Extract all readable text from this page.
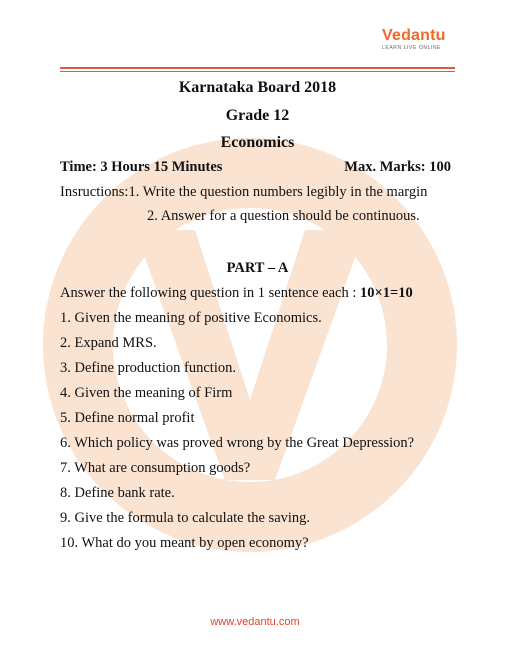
Vedantu
LEARN LIVE ONLINE
Karnataka Board 2018
Grade 12
Economics
Time: 3 Hours 15 Minutes	Max. Marks: 100
Insructions:1. Write the question numbers legibly in the margin
2. Answer for a question should be continuous.
PART – A
Answer the following question in 1 sentence each : 10×1=10
1. Given the meaning of positive Economics.
2. Expand MRS.
3. Define production function.
4. Given the meaning of Firm
5. Define normal profit
6. Which policy was proved wrong by the Great Depression?
7. What are consumption goods?
8. Define bank rate.
9. Give the formula to calculate the saving.
10. What do you meant by open economy?
www.vedantu.com
